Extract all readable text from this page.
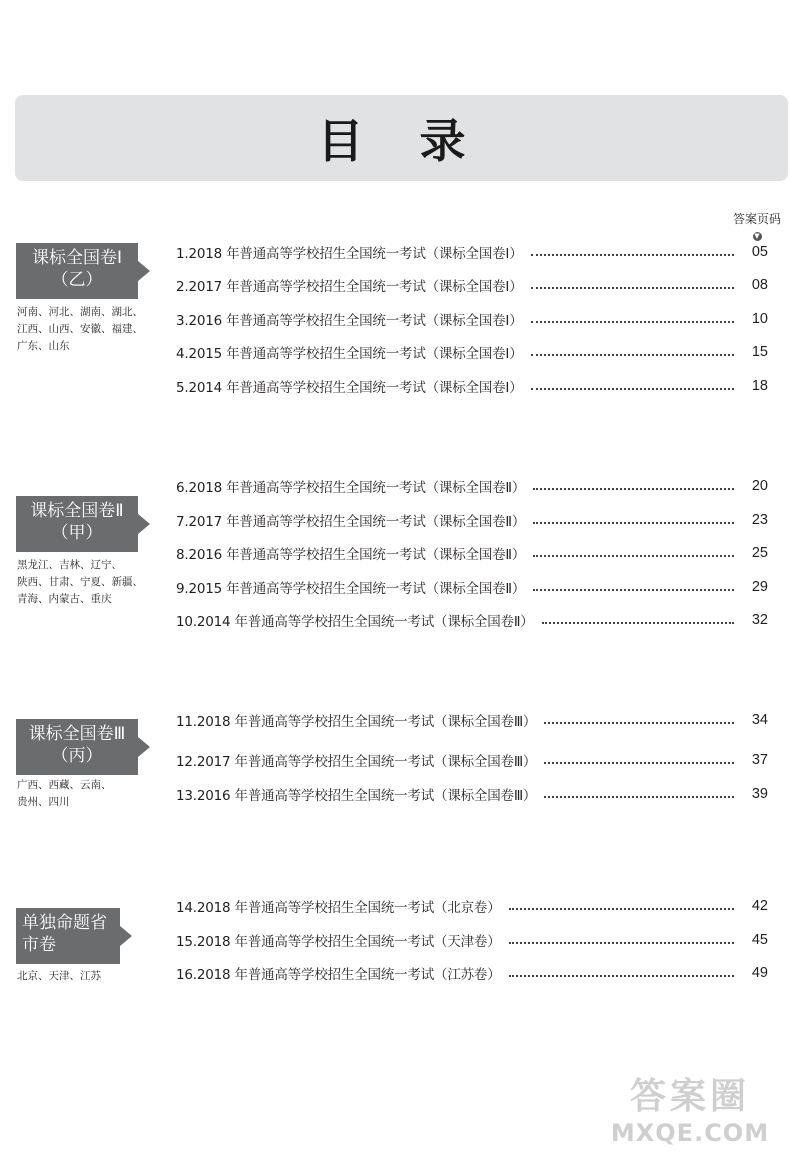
目 录
答案页码
▼
课标全国卷Ⅰ
（乙）
河南、河北、湖南、湖北、
江西、山西、安徽、福建、
广东、山东
1.2018 年普通高等学校招生全国统一考试（课标全国卷Ⅰ）	05
2.2017 年普通高等学校招生全国统一考试（课标全国卷Ⅰ）	08
3.2016 年普通高等学校招生全国统一考试（课标全国卷Ⅰ）	10
4.2015 年普通高等学校招生全国统一考试（课标全国卷Ⅰ）	15
5.2014 年普通高等学校招生全国统一考试（课标全国卷Ⅰ）	18
课标全国卷Ⅱ
（甲）
黑龙江、吉林、辽宁、
陕西、甘肃、宁夏、新疆、
青海、内蒙古、重庆
6.2018 年普通高等学校招生全国统一考试（课标全国卷Ⅱ）	20
7.2017 年普通高等学校招生全国统一考试（课标全国卷Ⅱ）	23
8.2016 年普通高等学校招生全国统一考试（课标全国卷Ⅱ）	25
9.2015 年普通高等学校招生全国统一考试（课标全国卷Ⅱ）	29
10.2014 年普通高等学校招生全国统一考试（课标全国卷Ⅱ）	32
课标全国卷Ⅲ
（丙）
广西、西藏、云南、
贵州、四川
11.2018 年普通高等学校招生全国统一考试（课标全国卷Ⅲ）	34
12.2017 年普通高等学校招生全国统一考试（课标全国卷Ⅲ）	37
13.2016 年普通高等学校招生全国统一考试（课标全国卷Ⅲ）	39
单独命题省
市卷
北京、天津、江苏
14.2018 年普通高等学校招生全国统一考试（北京卷）	42
15.2018 年普通高等学校招生全国统一考试（天津卷）	45
16.2018 年普通高等学校招生全国统一考试（江苏卷）	49
答案圈
MXQE.COM
